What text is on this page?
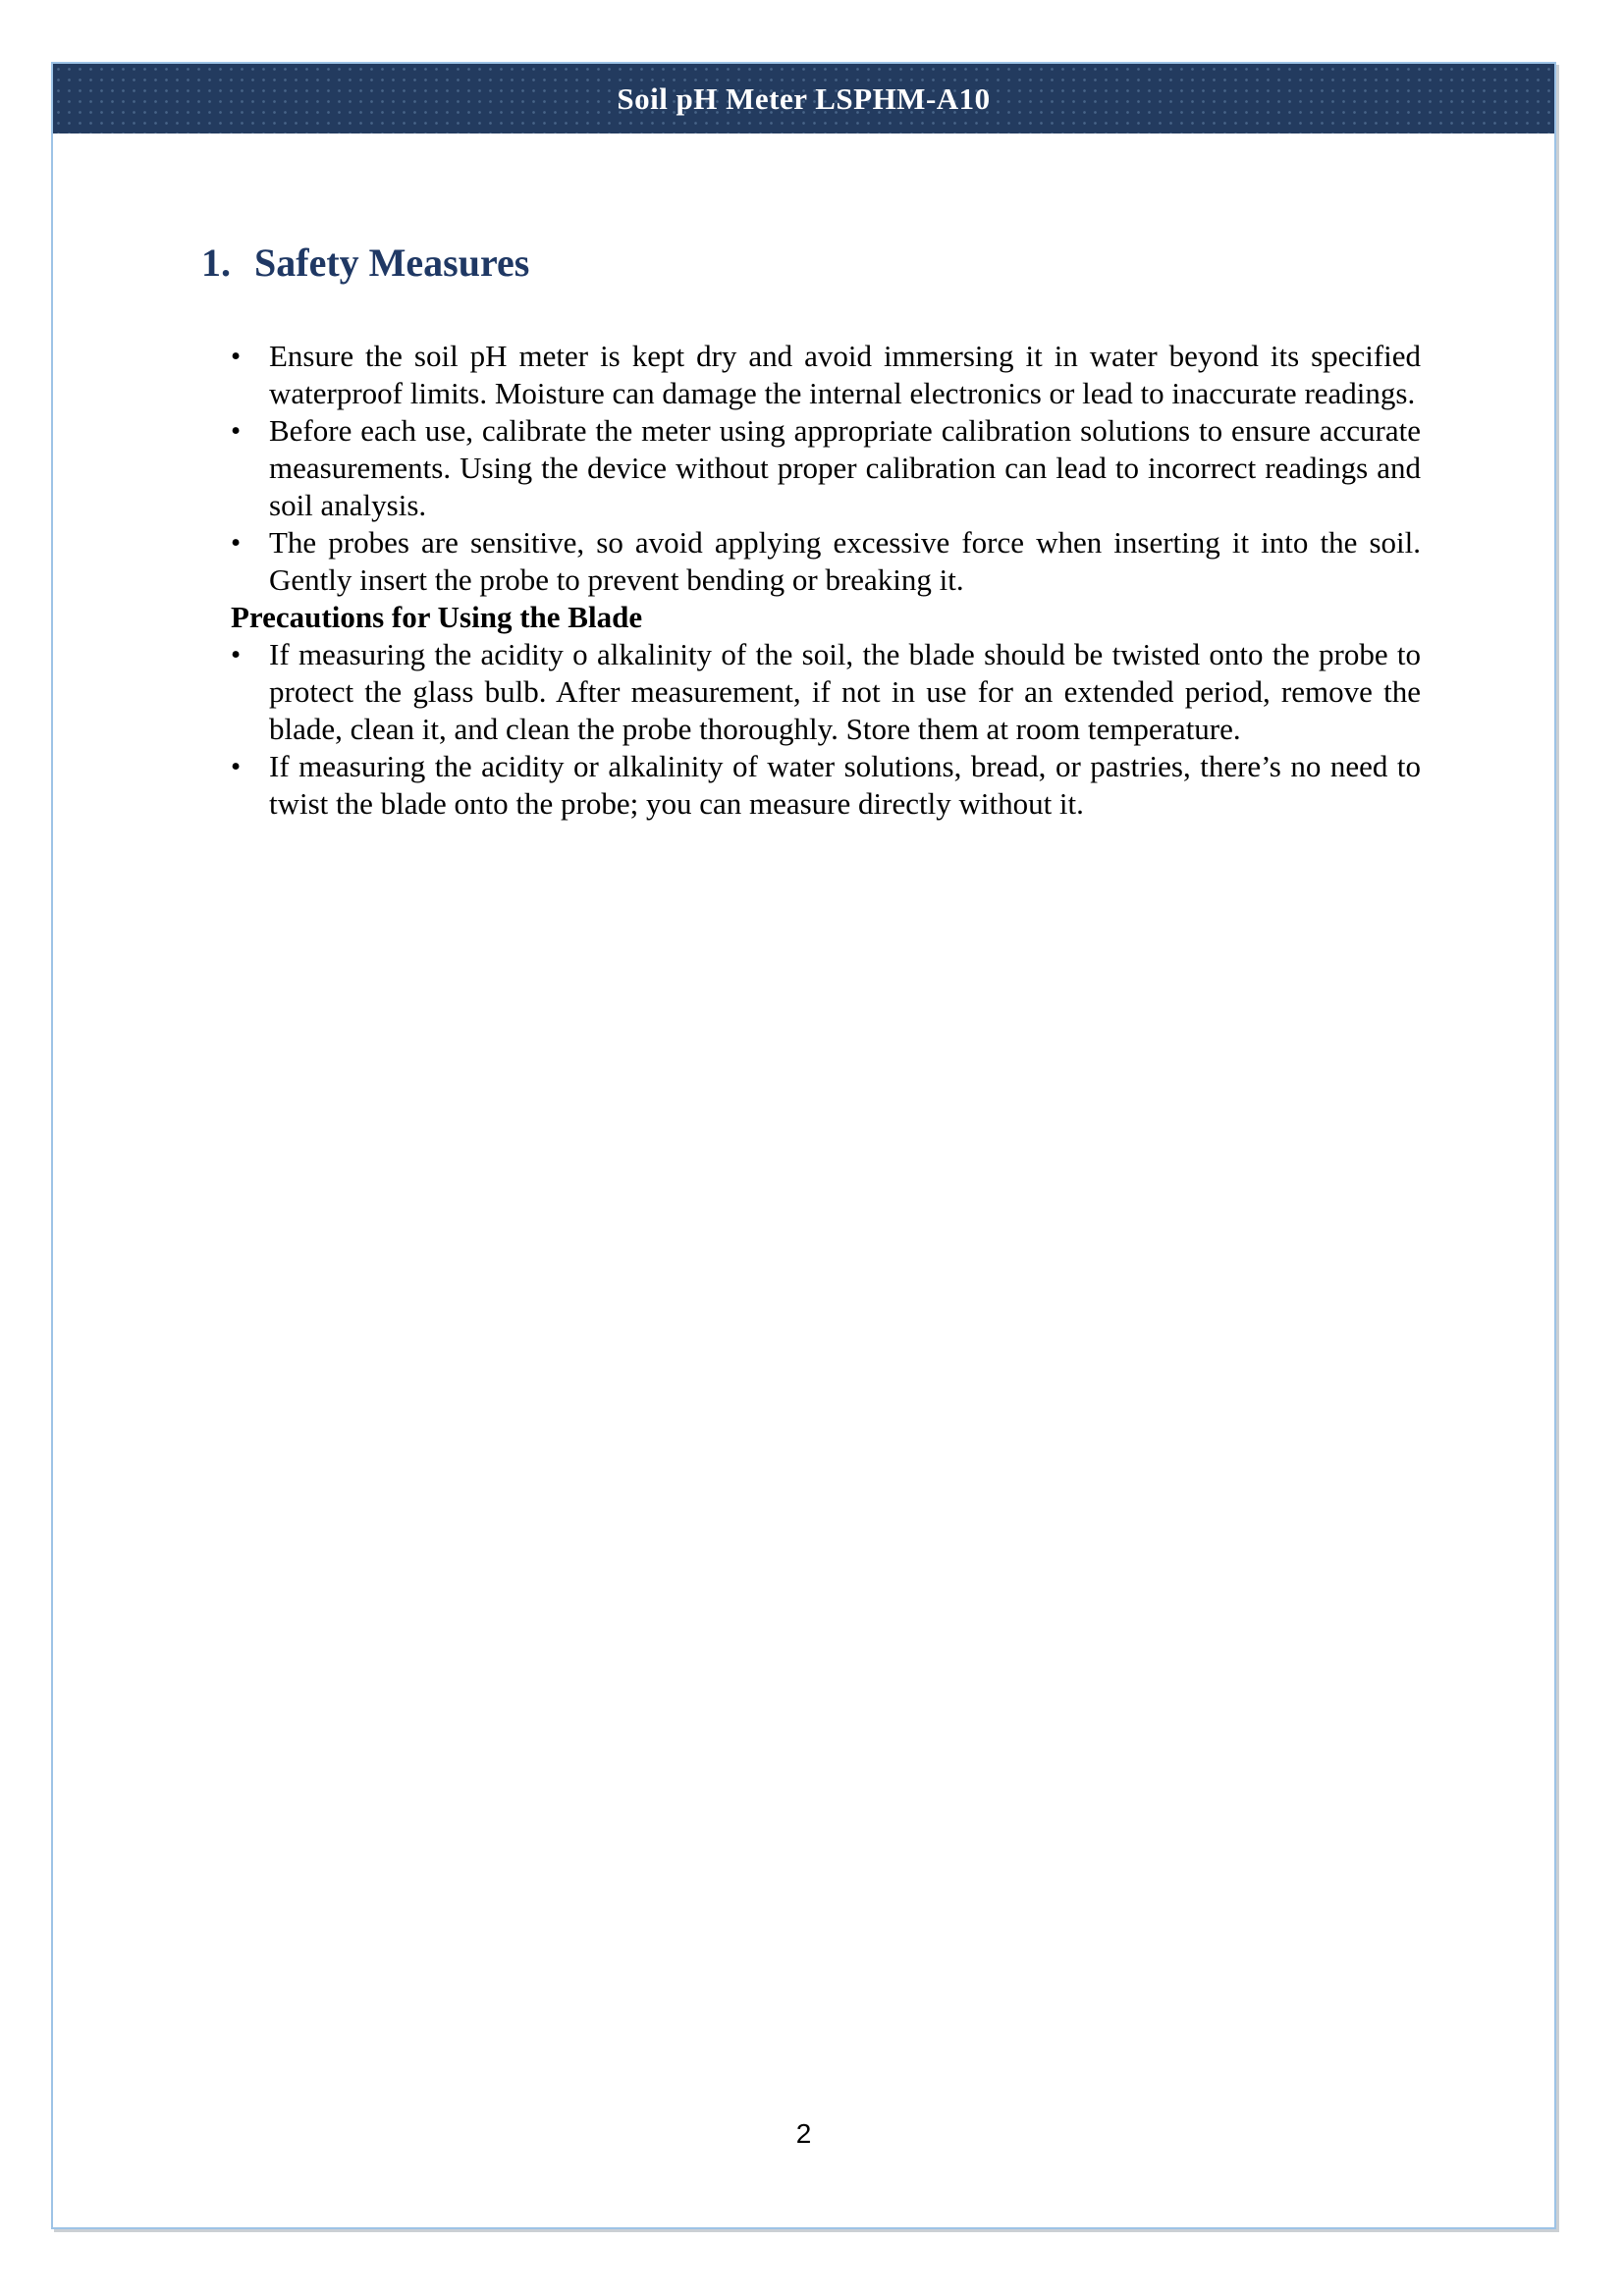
Soil pH Meter LSPHM-A10
1. Safety Measures
• Ensure the soil pH meter is kept dry and avoid immersing it in water beyond its specified waterproof limits. Moisture can damage the internal electronics or lead to inaccurate readings.
• Before each use, calibrate the meter using appropriate calibration solutions to ensure accurate measurements. Using the device without proper calibration can lead to incorrect readings and soil analysis.
• The probes are sensitive, so avoid applying excessive force when inserting it into the soil. Gently insert the probe to prevent bending or breaking it.

Precautions for Using the Blade

• If measuring the acidity o alkalinity of the soil, the blade should be twisted onto the probe to protect the glass bulb. After measurement, if not in use for an extended period, remove the blade, clean it, and clean the probe thoroughly. Store them at room temperature.
• If measuring the acidity or alkalinity of water solutions, bread, or pastries, there’s no need to twist the blade onto the probe; you can measure directly without it.
2
